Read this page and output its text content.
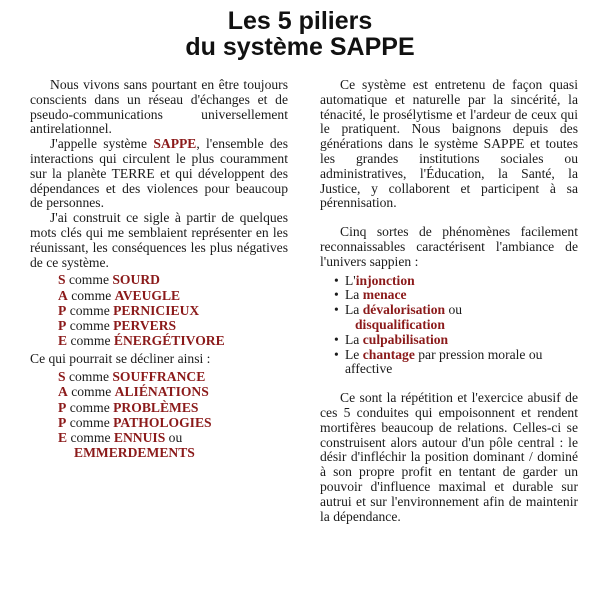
Les 5 piliers
du système SAPPE

Nous vivons sans pourtant en être toujours conscients dans un réseau d'échanges et de pseudo-communications universellement antirelationnel.

J'appelle système SAPPE, l'ensemble des interactions qui circulent le plus couramment sur la planète TERRE et qui développent des dépendances et des violences pour beaucoup de personnes.

J'ai construit ce sigle à partir de quelques mots clés qui me semblaient représenter en les réunissant, les conséquences les plus négatives de ce système.

S comme SOURD
A comme AVEUGLE
P comme PERNICIEUX
P comme PERVERS
E comme ÉNERGÉTIVORE

Ce qui pourrait se décliner ainsi :

S comme SOUFFRANCE
A comme ALIÉNATIONS
P comme PROBLÈMES
P comme PATHOLOGIES
E comme ENNUIS ou
EMMERDEMENTS

Ce système est entretenu de façon quasi automatique et naturelle par la sincérité, la ténacité, le prosélytisme et l'ardeur de ceux qui le pratiquent. Nous baignons depuis des générations dans le système SAPPE et toutes les grandes institutions sociales ou administratives, l'Éducation, la Santé, la Justice, y collaborent et participent à sa pérennisation.

Cinq sortes de phénomènes facilement reconnaissables caractérisent l'ambiance de l'univers sappien :

• L'injonction
• La menace
• La dévalorisation ou
disqualification
• La culpabilisation
• Le chantage par pression morale ou affective

Ce sont la répétition et l'exercice abusif de ces 5 conduites qui empoisonnent et rendent mortifères beaucoup de relations. Celles-ci se construisent alors autour d'un pôle central : le désir d'infléchir la position dominant / dominé à son propre profit en tentant de garder un pouvoir d'influence maximal et durable sur autrui et sur l'environnement afin de maintenir la dépendance.
